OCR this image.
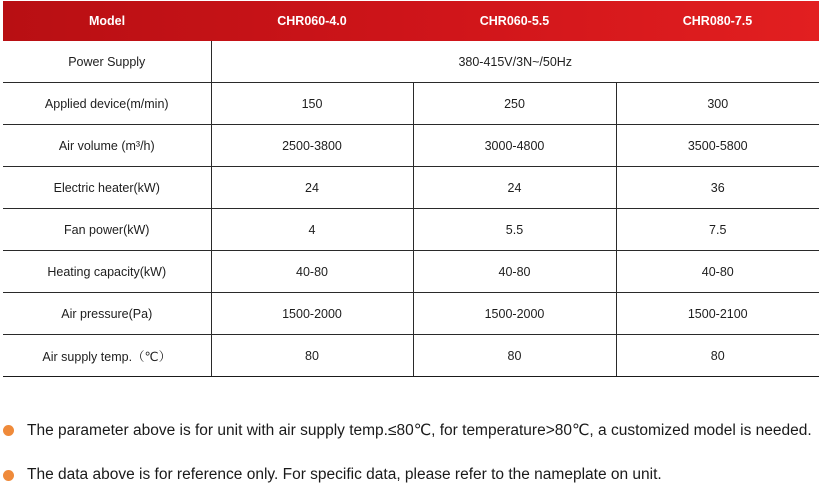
Model	CHR060-4.0	CHR060-5.5	CHR080-7.5
Power Supply	380-415V/3N~/50Hz		
Applied device(m/min)	150	250	300
Air volume (m³/h)	2500-3800	3000-4800	3500-5800
Electric heater(kW)	24	24	36
Fan power(kW)	4	5.5	7.5
Heating capacity(kW)	40-80	40-80	40-80
Air pressure(Pa)	1500-2000	1500-2000	1500-2100
Air supply temp.（℃）	80	80	80
The parameter above is for unit with air supply temp.≤80℃, for temperature>80℃, a customized model is needed.
The data above is for reference only. For specific data, please refer to the nameplate on unit.
